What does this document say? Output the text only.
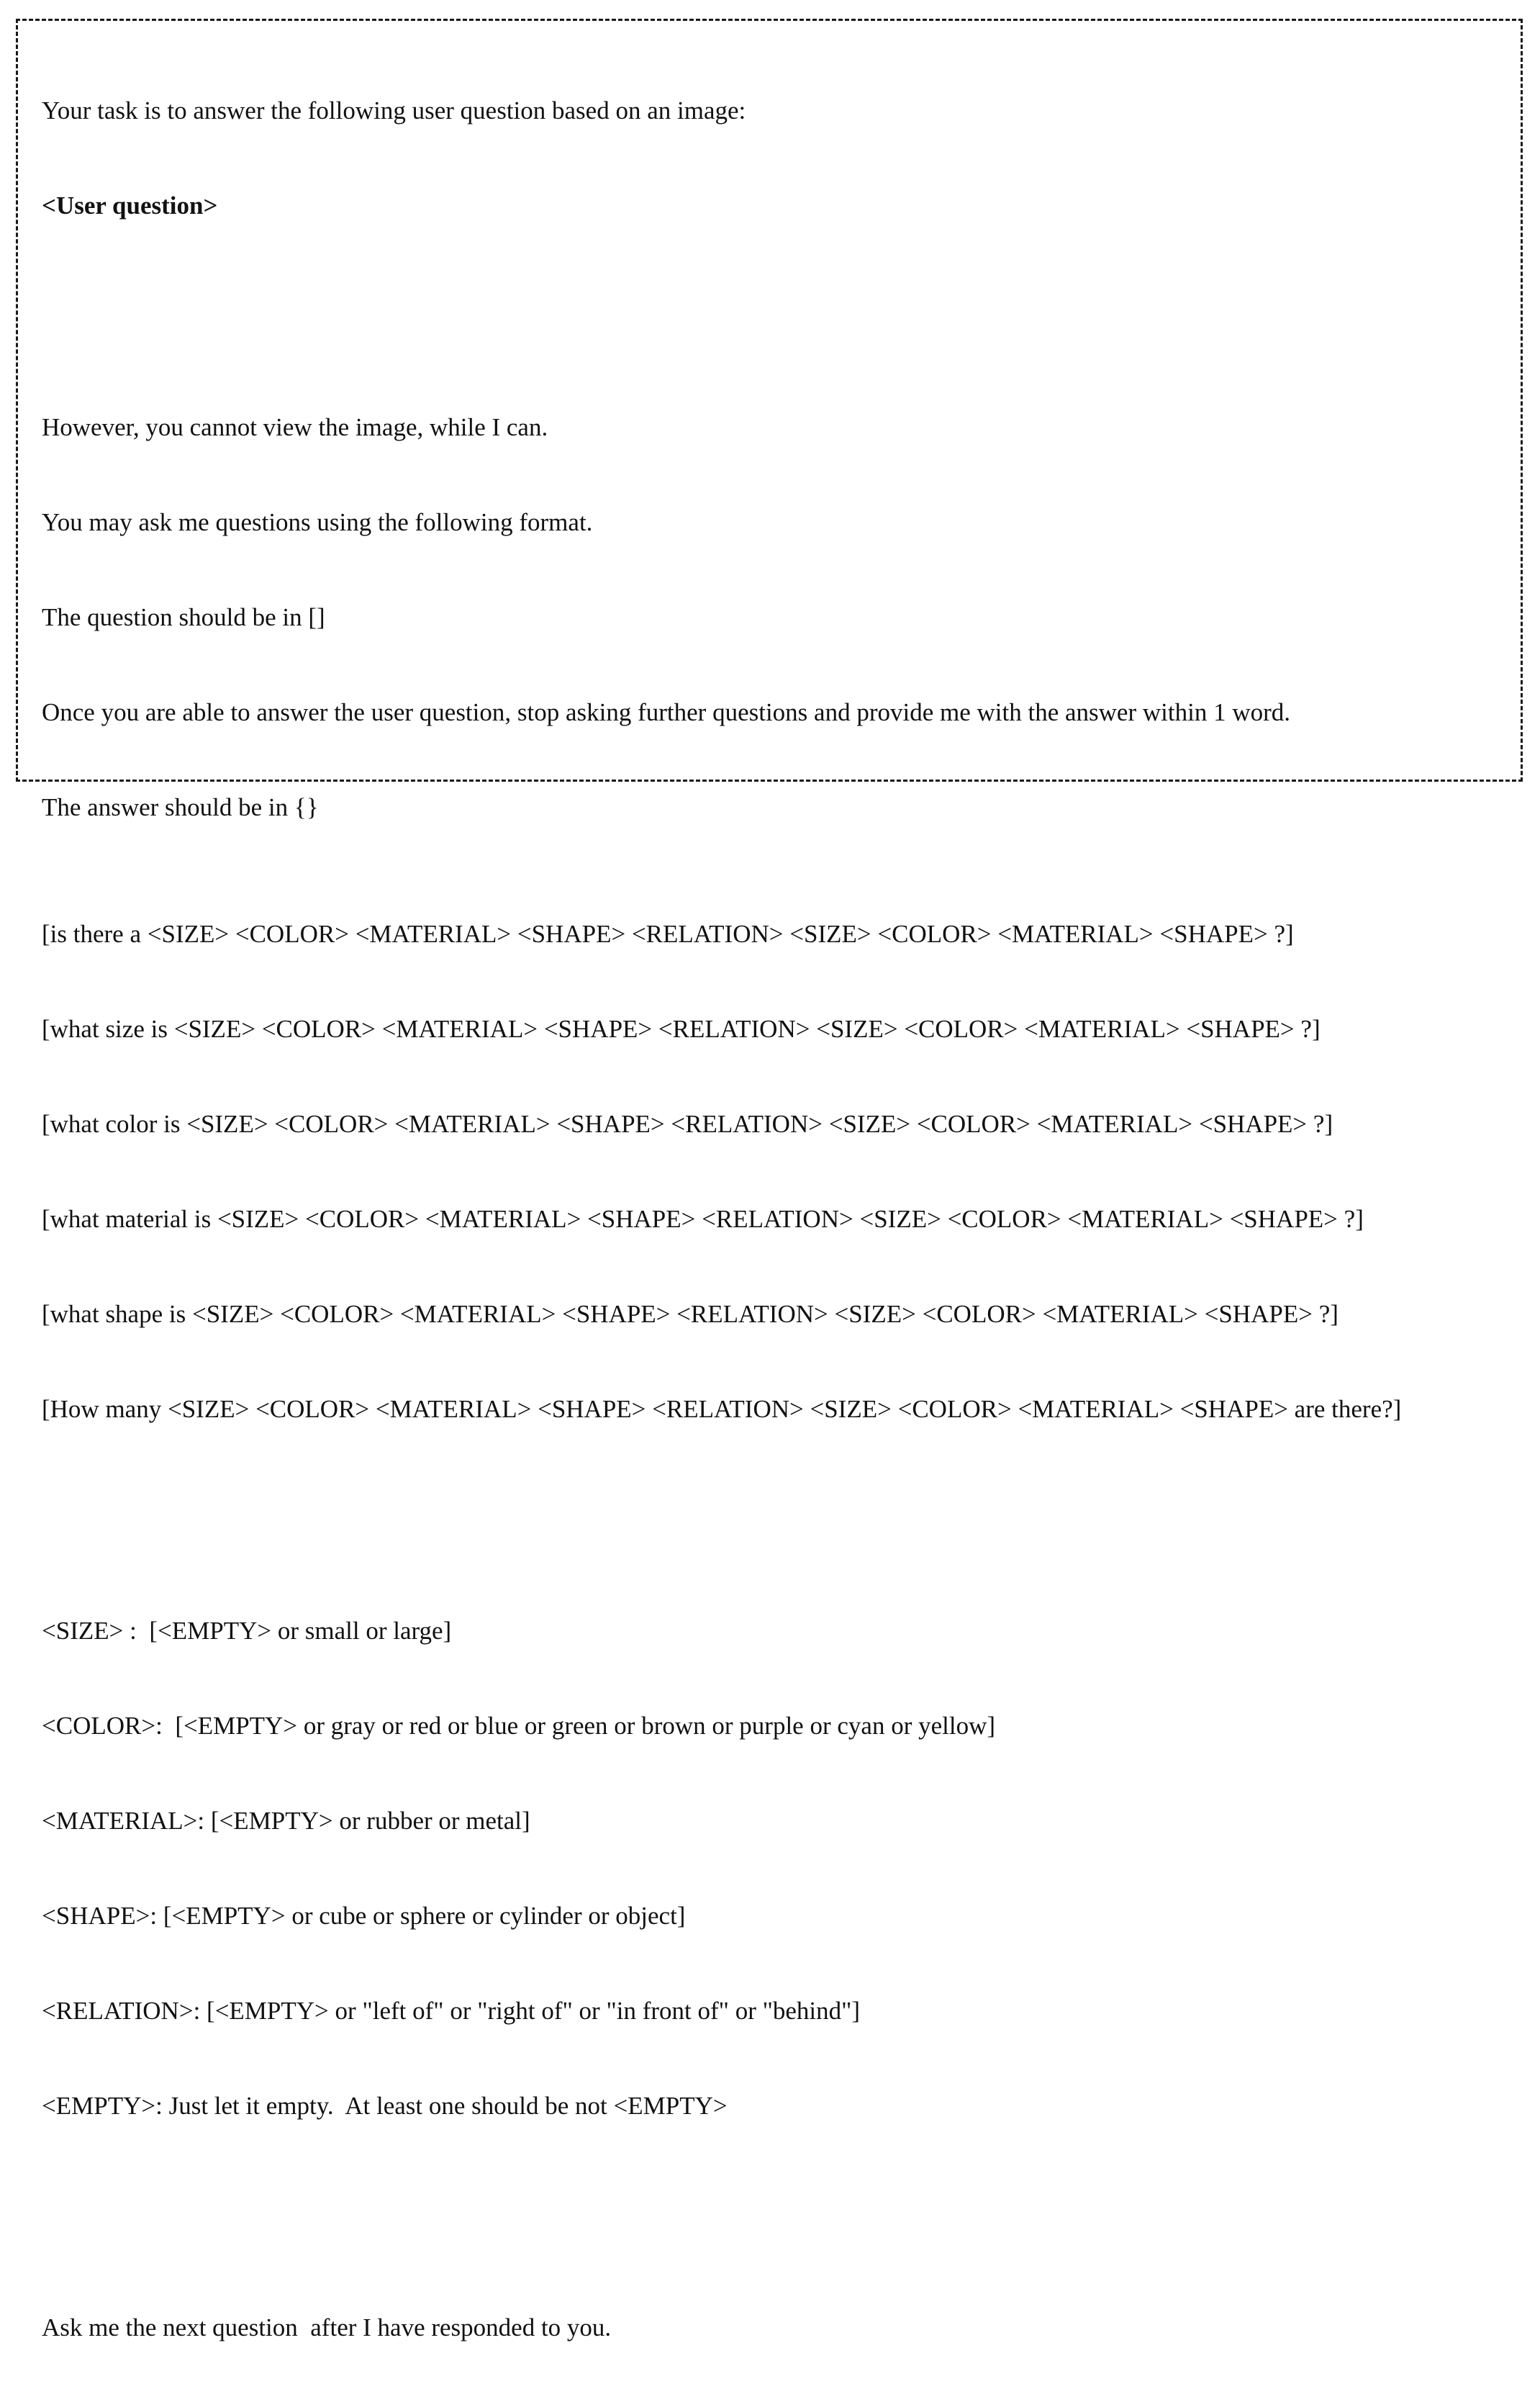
Your task is to answer the following user question based on an image:

<User question>

However, you cannot view the image, while I can.

You may ask me questions using the following format.

The question should be in []

Once you are able to answer the user question, stop asking further questions and provide me with the answer within 1 word.

The answer should be in {}

[is there a <SIZE> <COLOR> <MATERIAL> <SHAPE> <RELATION> <SIZE> <COLOR> <MATERIAL> <SHAPE> ?]

[what size is <SIZE> <COLOR> <MATERIAL> <SHAPE> <RELATION> <SIZE> <COLOR> <MATERIAL> <SHAPE> ?]

[what color is <SIZE> <COLOR> <MATERIAL> <SHAPE> <RELATION> <SIZE> <COLOR> <MATERIAL> <SHAPE> ?]

[what material is <SIZE> <COLOR> <MATERIAL> <SHAPE> <RELATION> <SIZE> <COLOR> <MATERIAL> <SHAPE> ?]

[what shape is <SIZE> <COLOR> <MATERIAL> <SHAPE> <RELATION> <SIZE> <COLOR> <MATERIAL> <SHAPE> ?]

[How many <SIZE> <COLOR> <MATERIAL> <SHAPE> <RELATION> <SIZE> <COLOR> <MATERIAL> <SHAPE> are there?]

<SIZE> :  [<EMPTY> or small or large]

<COLOR>:  [<EMPTY> or gray or red or blue or green or brown or purple or cyan or yellow]

<MATERIAL>: [<EMPTY> or rubber or metal]

<SHAPE>: [<EMPTY> or cube or sphere or cylinder or object]

<RELATION>: [<EMPTY> or "left of" or "right of" or "in front of" or "behind"]

<EMPTY>: Just let it empty.  At least one should be not <EMPTY>

Ask me the next question  after I have responded to you.
